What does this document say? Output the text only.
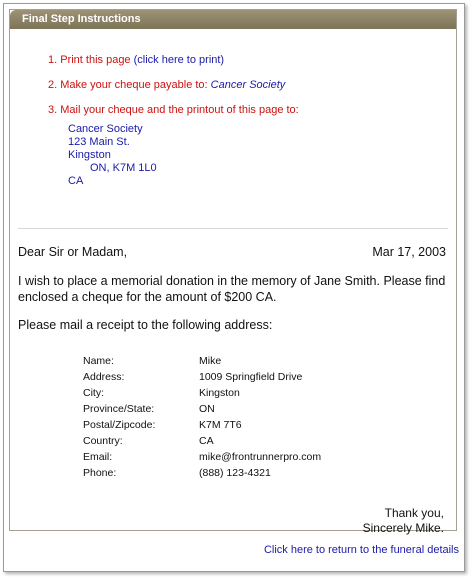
Final Step Instructions
1. Print this page (click here to print)
2. Make your cheque payable to: Cancer Society
3. Mail your cheque and the printout of this page to:
Cancer Society
123 Main St.
Kingston
ON, K7M 1L0
CA
Dear Sir or Madam,	Mar 17, 2003
I wish to place a memorial donation in the memory of Jane Smith. Please find
enclosed a cheque for the amount of $200 CA.
Please mail a receipt to the following address:
Name:	Mike
Address:	1009 Springfield Drive
City:	Kingston
Province/State:	ON
Postal/Zipcode:	K7M 7T6
Country:	CA
Email:	mike@frontrunnerpro.com
Phone:	(888) 123-4321
Thank you,
Sincerely Mike.
Click here to return to the funeral details
